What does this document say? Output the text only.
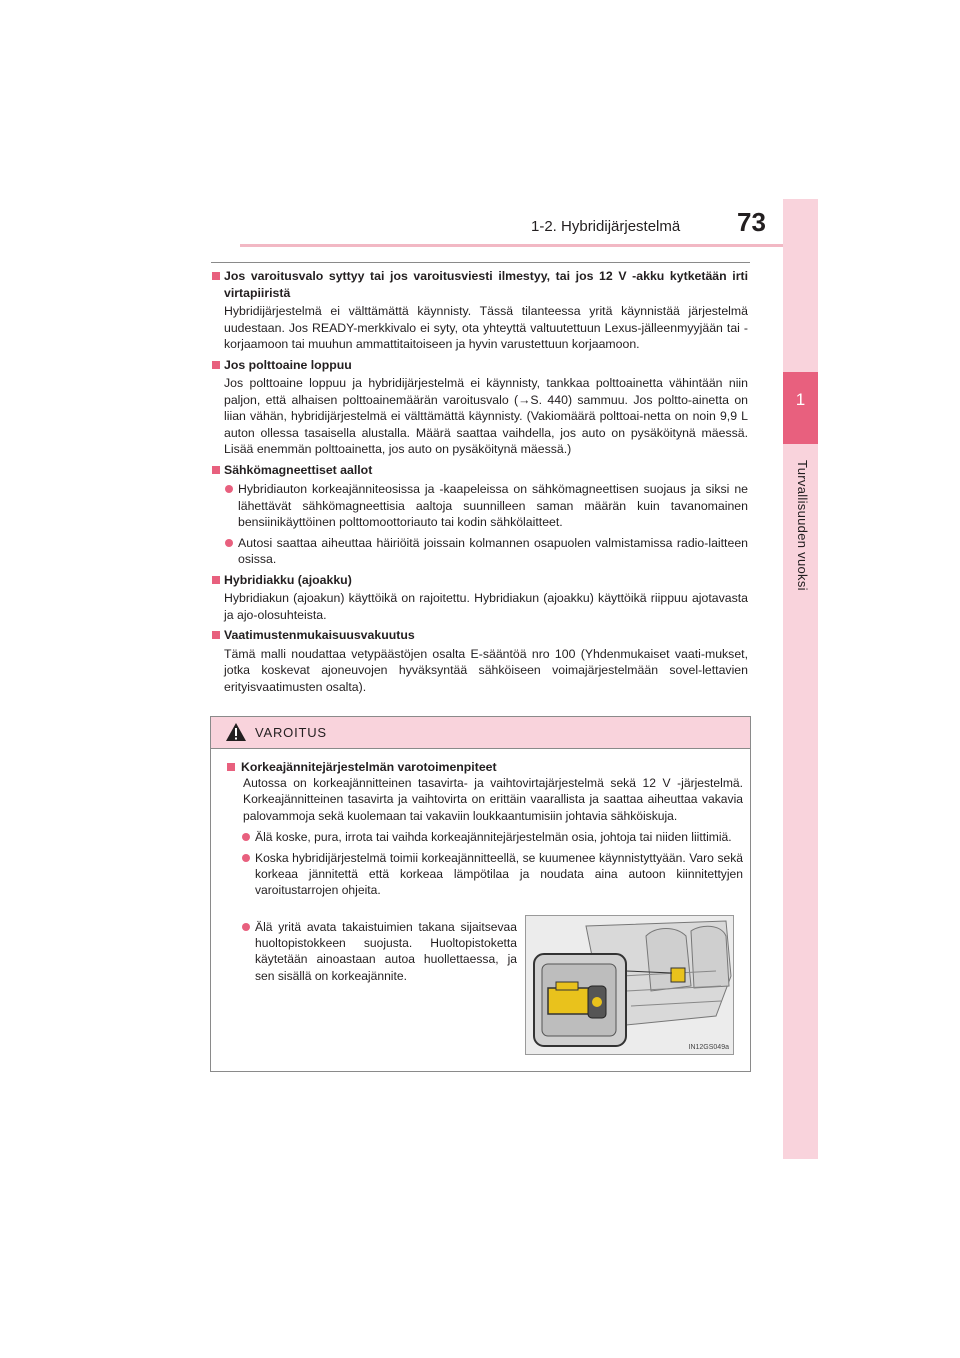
1-2. Hybridijärjestelmä 73
1
Turvallisuuden vuoksi
Jos varoitusvalo syttyy tai jos varoitusviesti ilmestyy, tai jos 12 V -akku kytketään irti virtapiiristä
Hybridijärjestelmä ei välttämättä käynnisty. Tässä tilanteessa yritä käynnistää järjestelmä uudestaan. Jos READY-merkkivalo ei syty, ota yhteyttä valtuutettuun Lexus-jälleenmyyjään tai -korjaamoon tai muuhun ammattitaitoiseen ja hyvin varustettuun korjaamoon.
Jos polttoaine loppuu
Jos polttoaine loppuu ja hybridijärjestelmä ei käynnisty, tankkaa polttoainetta vähintään niin paljon, että alhaisen polttoainemäärän varoitusvalo (→S. 440) sammuu. Jos poltto-ainetta on liian vähän, hybridijärjestelmä ei välttämättä käynnisty. (Vakiomäärä polttoai-netta on noin 9,9 L auton ollessa tasaisella alustalla. Määrä saattaa vaihdella, jos auto on pysäköitynä mäessä. Lisää enemmän polttoainetta, jos auto on pysäköitynä mäessä.)
Sähkömagneettiset aallot
Hybridiauton korkeajänniteosissa ja -kaapeleissa on sähkömagneettisen suojaus ja siksi ne lähettävät sähkömagneettisia aaltoja suunnilleen saman määrän kuin tavanomainen bensiinikäyttöinen polttomoottoriauto tai kodin sähkölaitteet.
Autosi saattaa aiheuttaa häiriöitä joissain kolmannen osapuolen valmistamissa radio-laitteen osissa.
Hybridiakku (ajoakku)
Hybridiakun (ajoakun) käyttöikä on rajoitettu. Hybridiakun (ajoakku) käyttöikä riippuu ajotavasta ja ajo-olosuhteista.
Vaatimustenmukaisuusvakuutus
Tämä malli noudattaa vetypäästöjen osalta E-sääntöä nro 100 (Yhdenmukaiset vaati-mukset, jotka koskevat ajoneuvojen hyväksyntää sähköiseen voimajärjestelmään sovel-lettavien erityisvaatimusten osalta).
VAROITUS
Korkeajännitejärjestelmän varotoimenpiteet
Autossa on korkeajännitteinen tasavirta- ja vaihtovirtajärjestelmä sekä 12 V -järjestelmä. Korkeajännitteinen tasavirta ja vaihtovirta on erittäin vaarallista ja saattaa aiheuttaa vakavia palovammoja sekä kuolemaan tai vakaviin loukkaantumisiin johtavia sähköiskuja.
Älä koske, pura, irrota tai vaihda korkeajännitejärjestelmän osia, johtoja tai niiden liittimiä.
Koska hybridijärjestelmä toimii korkeajännitteellä, se kuumenee käynnistyttyään. Varo sekä korkeaa jännitettä että korkeaa lämpötilaa ja noudata aina autoon kiinnitettyjen varoitustarrojen ohjeita.
Älä yritä avata takaistuimien takana sijaitsevaa huoltopistokkeen suojusta. Huoltopistoketta käytetään ainoastaan autoa huollettaessa, ja sen sisällä on korkeajännite.
IN12GS049a
